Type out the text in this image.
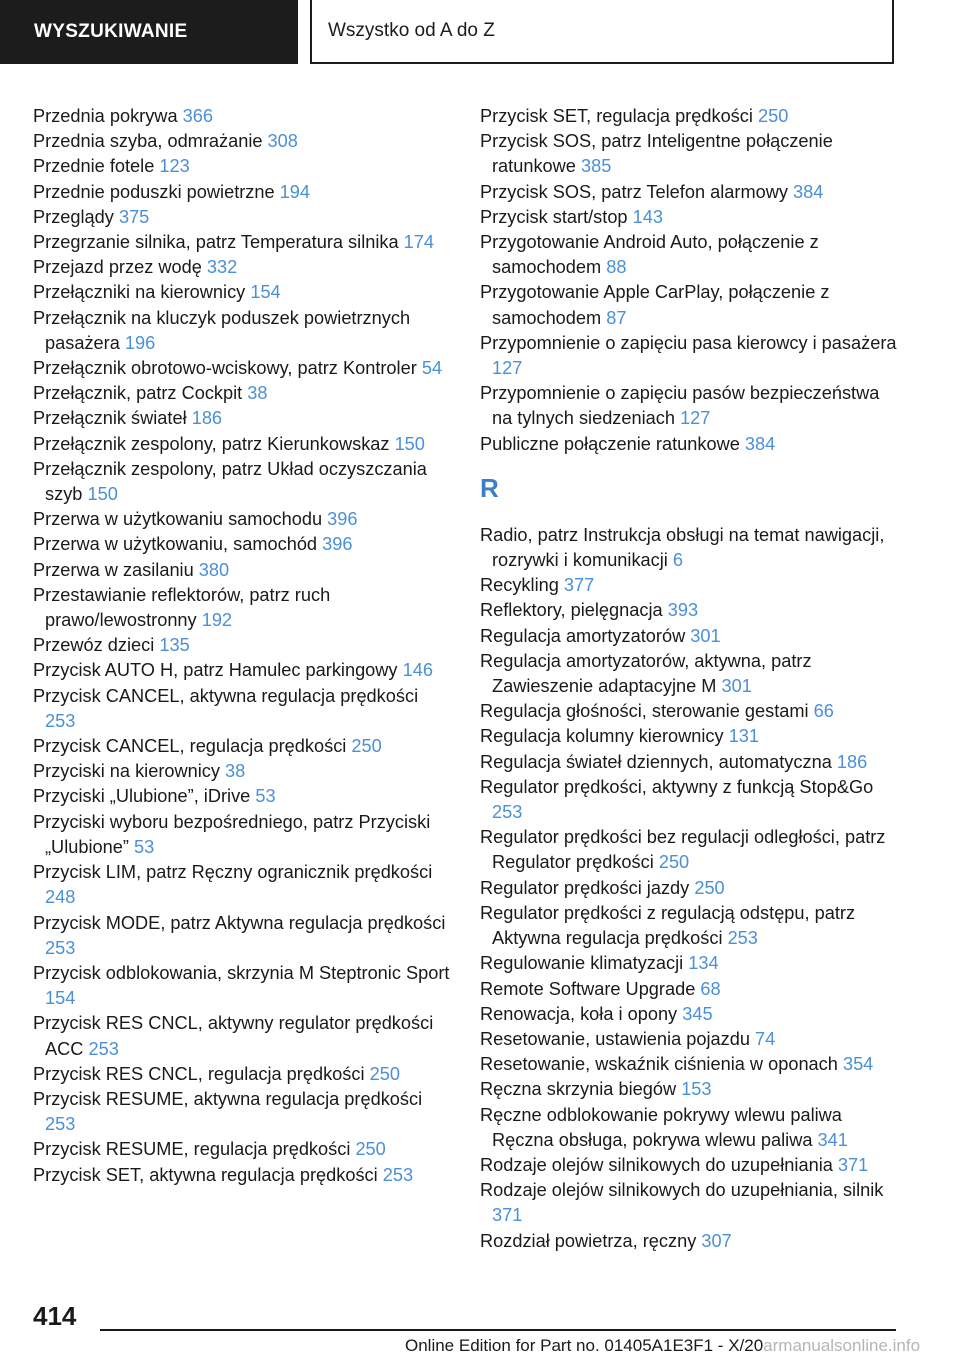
WYSZUKIWANIE	Wszystko od A do Z
Przednia pokrywa 366
Przednia szyba, odmrażanie 308
Przednie fotele 123
Przednie poduszki powietrzne 194
Przeglądy 375
Przegrzanie silnika, patrz Temperatura silnika 174
Przejazd przez wodę 332
Przełączniki na kierownicy 154
Przełącznik na kluczyk poduszek powietrznych pasażera 196
Przełącznik obrotowo-wciskowy, patrz Kontroler 54
Przełącznik, patrz Cockpit 38
Przełącznik świateł 186
Przełącznik zespolony, patrz Kierunkowskaz 150
Przełącznik zespolony, patrz Układ oczyszczania szyb 150
Przerwa w użytkowaniu samochodu 396
Przerwa w użytkowaniu, samochód 396
Przerwa w zasilaniu 380
Przestawianie reflektorów, patrz ruch prawo/lewostronny 192
Przewóz dzieci 135
Przycisk AUTO H, patrz Hamulec parkingowy 146
Przycisk CANCEL, aktywna regulacja prędkości 253
Przycisk CANCEL, regulacja prędkości 250
Przyciski na kierownicy 38
Przyciski „Ulubione”, iDrive 53
Przyciski wyboru bezpośredniego, patrz Przyciski „Ulubione” 53
Przycisk LIM, patrz Ręczny ogranicznik prędkości 248
Przycisk MODE, patrz Aktywna regulacja prędkości 253
Przycisk odblokowania, skrzynia M Steptronic Sport 154
Przycisk RES CNCL, aktywny regulator prędkości ACC 253
Przycisk RES CNCL, regulacja prędkości 250
Przycisk RESUME, aktywna regulacja prędkości 253
Przycisk RESUME, regulacja prędkości 250
Przycisk SET, aktywna regulacja prędkości 253
Przycisk SET, regulacja prędkości 250
Przycisk SOS, patrz Inteligentne połączenie ratunkowe 385
Przycisk SOS, patrz Telefon alarmowy 384
Przycisk start/stop 143
Przygotowanie Android Auto, połączenie z samochodem 88
Przygotowanie Apple CarPlay, połączenie z samochodem 87
Przypomnienie o zapięciu pasa kierowcy i pasażera 127
Przypomnienie o zapięciu pasów bezpieczeństwa na tylnych siedzeniach 127
Publiczne połączenie ratunkowe 384
R
Radio, patrz Instrukcja obsługi na temat nawigacji, rozrywki i komunikacji 6
Recykling 377
Reflektory, pielęgnacja 393
Regulacja amortyzatorów 301
Regulacja amortyzatorów, aktywna, patrz Zawieszenie adaptacyjne M 301
Regulacja głośności, sterowanie gestami 66
Regulacja kolumny kierownicy 131
Regulacja świateł dziennych, automatyczna 186
Regulator prędkości, aktywny z funkcją Stop&Go 253
Regulator prędkości bez regulacji odległości, patrz Regulator prędkości 250
Regulator prędkości jazdy 250
Regulator prędkości z regulacją odstępu, patrz Aktywna regulacja prędkości 253
Regulowanie klimatyzacji 134
Remote Software Upgrade 68
Renowacja, koła i opony 345
Resetowanie, ustawienia pojazdu 74
Resetowanie, wskaźnik ciśnienia w oponach 354
Ręczna skrzynia biegów 153
Ręczne odblokowanie pokrywy wlewu paliwa Ręczna obsługa, pokrywa wlewu paliwa 341
Rodzaje olejów silnikowych do uzupełniania 371
Rodzaje olejów silnikowych do uzupełniania, silnik 371
Rozdział powietrza, ręczny 307
414
Online Edition for Part no. 01405A1E3F1 - X/20armanualsonline.info
